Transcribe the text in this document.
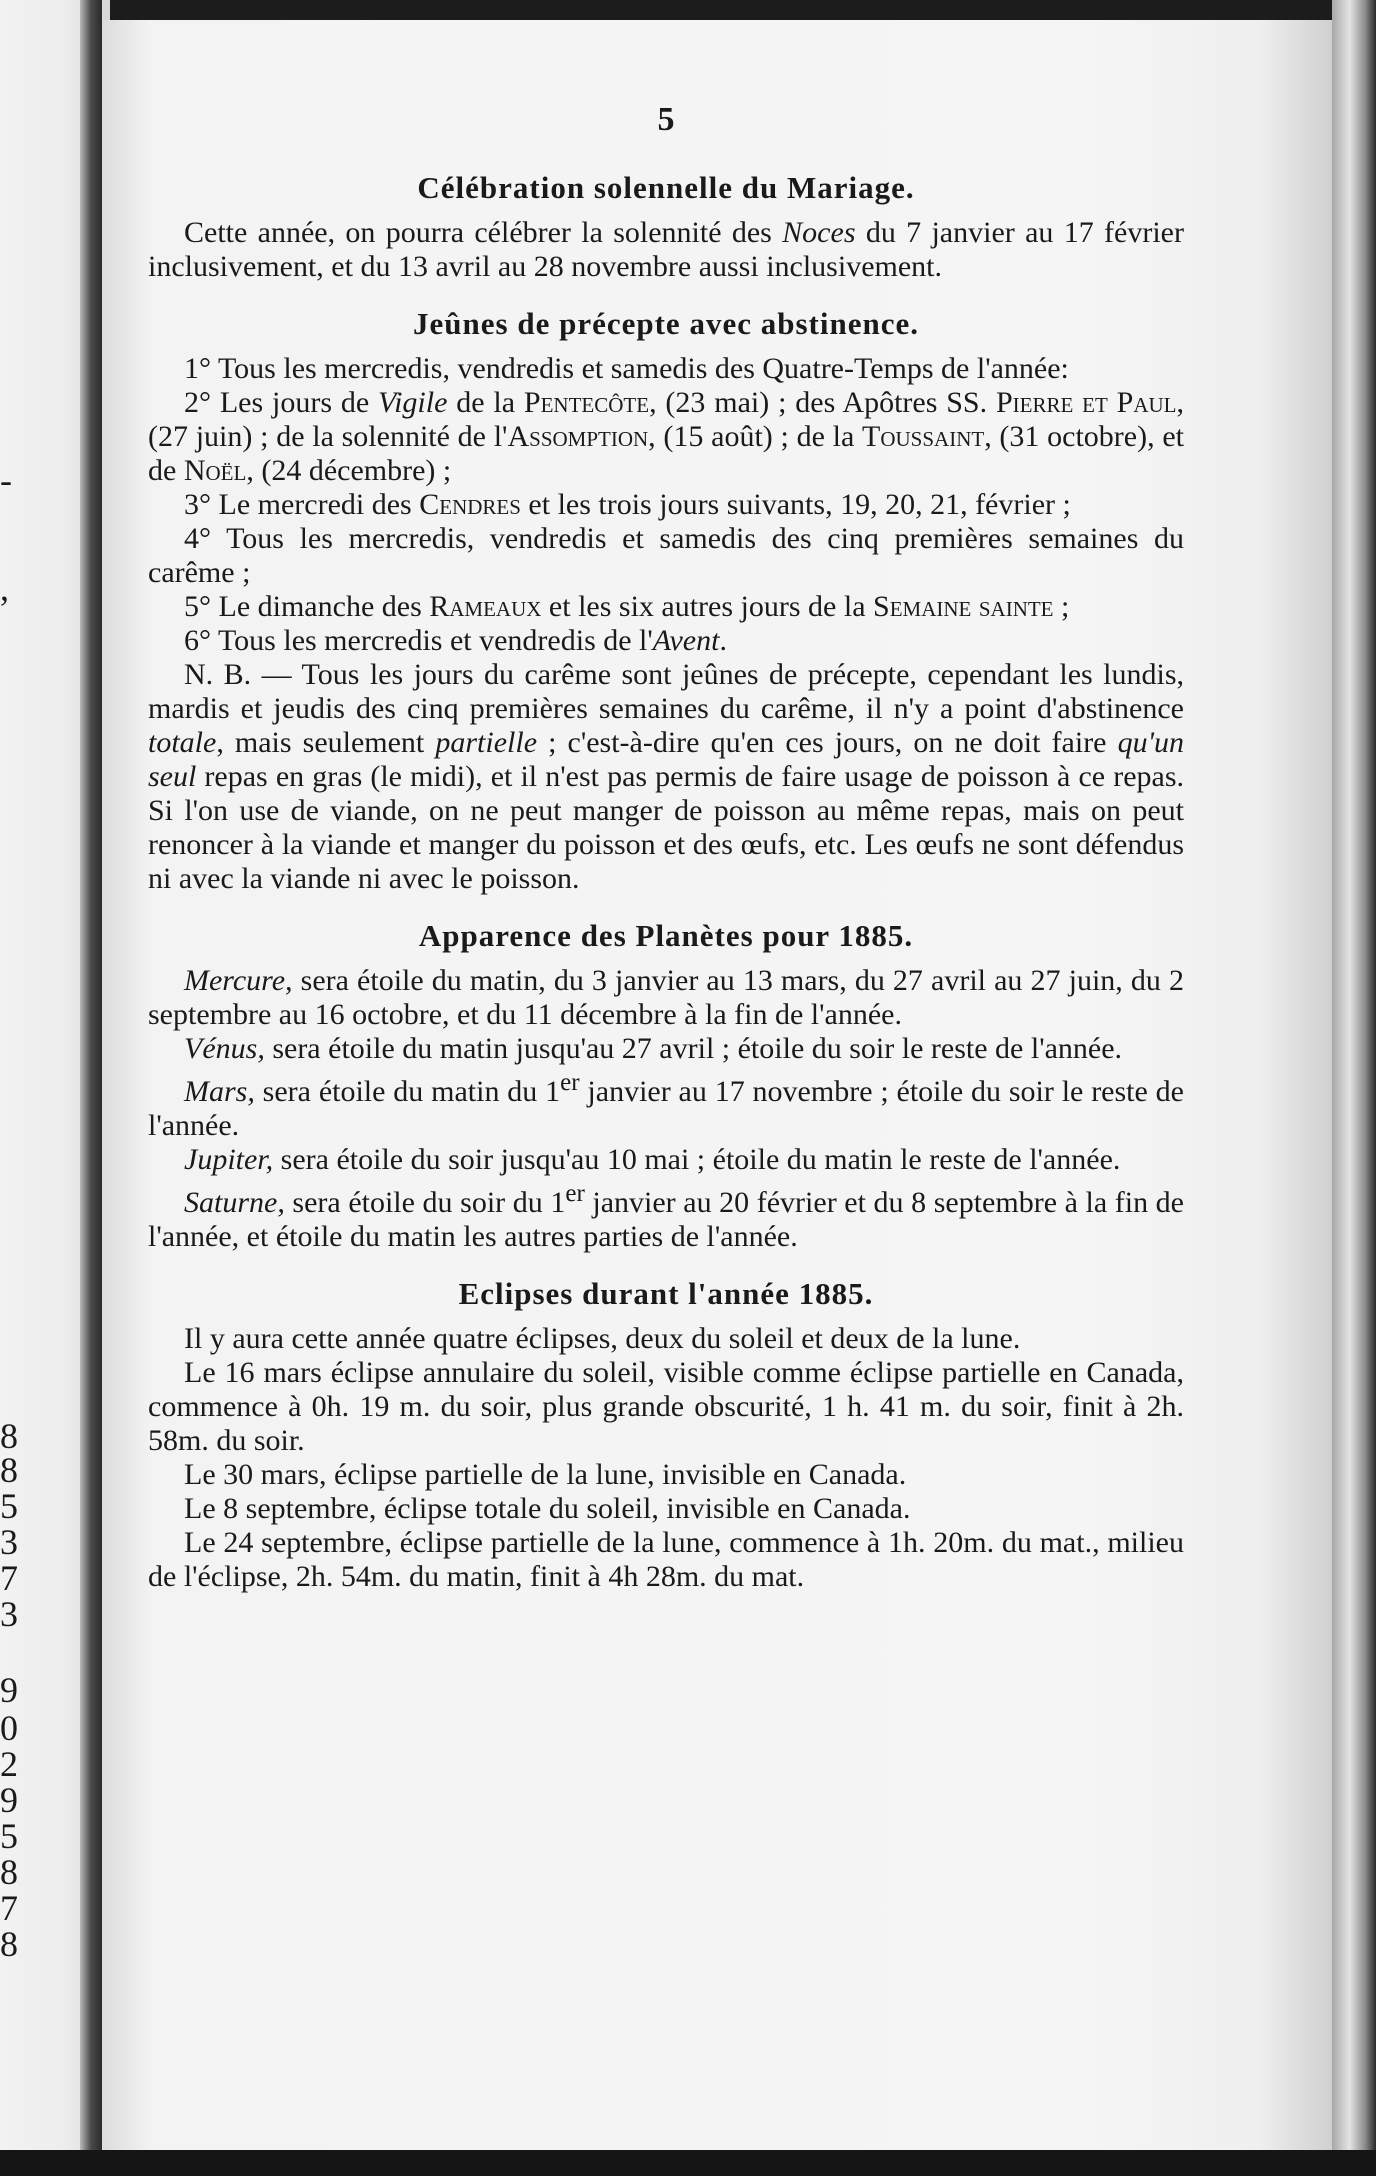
-
,
8
8
5
3
7
3
9
0
2
9
5
8
7
8
5
Célébration solennelle du Mariage.

Cette année, on pourra célébrer la solennité des Noces du 7 janvier au 17 février inclusivement, et du 13 avril au 28 novembre aussi inclusivement.

Jeûnes de précepte avec abstinence.

1° Tous les mercredis, vendredis et samedis des Quatre-Temps de l'année:

2° Les jours de Vigile de la Pentecôte, (23 mai) ; des Apôtres SS. Pierre et Paul, (27 juin) ; de la solennité de l'Assomption, (15 août) ; de la Toussaint, (31 octobre), et de Noël, (24 décembre) ;

3° Le mercredi des Cendres et les trois jours suivants, 19, 20, 21, février ;

4° Tous les mercredis, vendredis et samedis des cinq premières semaines du carême ;

5° Le dimanche des Rameaux et les six autres jours de la Semaine sainte ;

6° Tous les mercredis et vendredis de l'Avent.

N. B. — Tous les jours du carême sont jeûnes de précepte, cependant les lundis, mardis et jeudis des cinq premières semaines du carême, il n'y a point d'abstinence totale, mais seulement partielle ; c'est-à-dire qu'en ces jours, on ne doit faire qu'un seul repas en gras (le midi), et il n'est pas permis de faire usage de poisson à ce repas. Si l'on use de viande, on ne peut manger de poisson au même repas, mais on peut renoncer à la viande et manger du poisson et des œufs, etc. Les œufs ne sont défendus ni avec la viande ni avec le poisson.

Apparence des Planètes pour 1885.

Mercure, sera étoile du matin, du 3 janvier au 13 mars, du 27 avril au 27 juin, du 2 septembre au 16 octobre, et du 11 décembre à la fin de l'année.

Vénus, sera étoile du matin jusqu'au 27 avril ; étoile du soir le reste de l'année.

Mars, sera étoile du matin du 1er janvier au 17 novembre ; étoile du soir le reste de l'année.

Jupiter, sera étoile du soir jusqu'au 10 mai ; étoile du matin le reste de l'année.

Saturne, sera étoile du soir du 1er janvier au 20 février et du 8 septembre à la fin de l'année, et étoile du matin les autres parties de l'année.

Eclipses durant l'année 1885.

Il y aura cette année quatre éclipses, deux du soleil et deux de la lune.

Le 16 mars éclipse annulaire du soleil, visible comme éclipse partielle en Canada, commence à 0h. 19 m. du soir, plus grande obscurité, 1 h. 41 m. du soir, finit à 2h. 58m. du soir.

Le 30 mars, éclipse partielle de la lune, invisible en Canada.

Le 8 septembre, éclipse totale du soleil, invisible en Canada.

Le 24 septembre, éclipse partielle de la lune, commence à 1h. 20m. du mat., milieu de l'éclipse, 2h. 54m. du matin, finit à 4h 28m. du mat.
